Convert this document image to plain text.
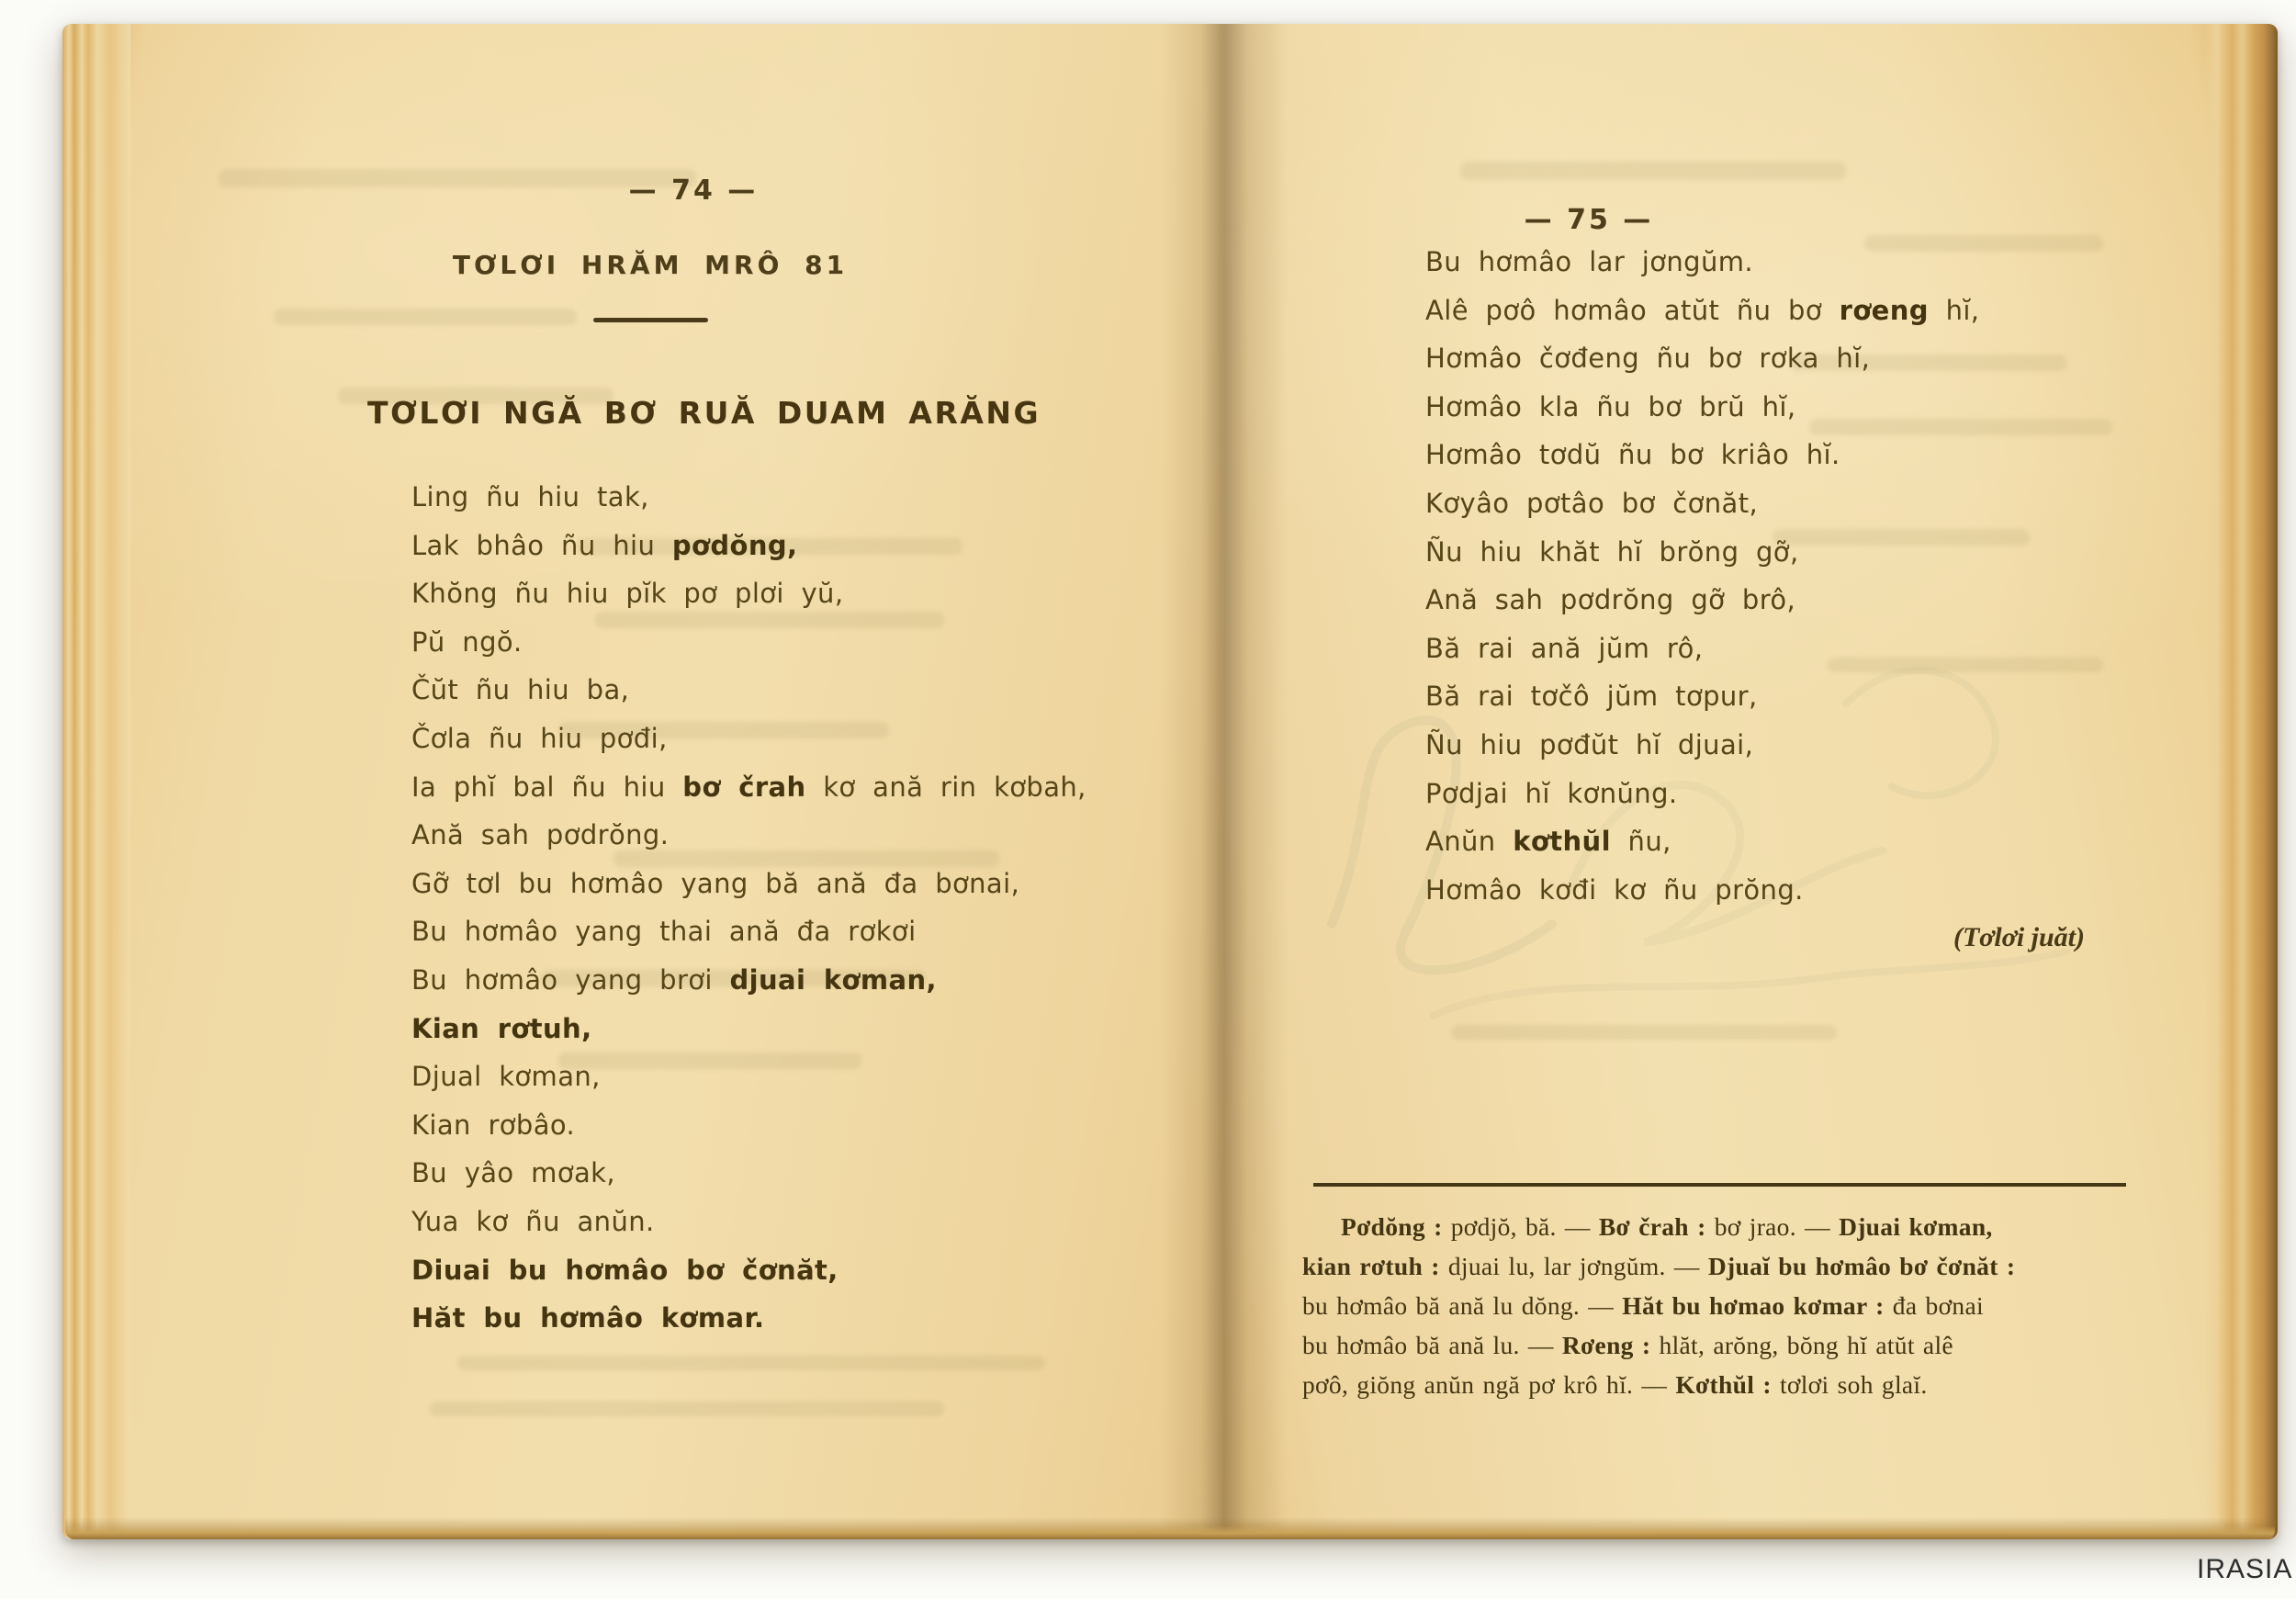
— 74 —
TƠLƠI HRĂM MRÔ 81
TƠLƠI NGĂ BƠ RUĂ DUAM ARĂNG
Ling ñu hiu tak,
Lak bhâo ñu hiu pơdŏng,
Khŏng ñu hiu pĭk pơ plơi yŭ,
Pŭ ngŏ.
Čŭt ñu hiu ba,
Čơla ñu hiu pơđi,
Ia phĭ bal ñu hiu bơ črah kơ ană rin kơbah,
Ană sah pơdrŏng.
Gỡ tơl bu hơmâo yang bă ană đa bơnai,
Bu hơmâo yang thai ană đa rơkơi
Bu hơmâo yang brơi djuai kơman,
Kian rơtuh,
Djual kơman,
Kian rơbâo.
Bu yâo mơak,
Yua kơ ñu anŭn.
Diuai bu hơmâo bơ čơnăt,
Hăt bu hơmâo kơmar.
— 75 —
Bu hơmâo lar jơngŭm.
Alê pơô hơmâo atŭt ñu bơ rơeng hĭ,
Hơmâo čơđeng ñu bơ rơka hĭ,
Hơmâo kla ñu bơ brŭ hĭ,
Hơmâo tơdŭ ñu bơ kriâo hĭ.
Kơyâo pơtâo bơ čơnăt,
Ñu hiu khăt hĭ brŏng gỡ,
Ană sah pơdrŏng gỡ brô,
Bă rai ană jŭm rô,
Bă rai tơčô jŭm tơpur,
Ñu hiu pơđŭt hĭ djuai,
Pơdjai hĭ kơnŭng.
Anŭn kơthŭl ñu,
Hơmâo kơđi kơ ñu prŏng.
(Tơlơi juăt)
Pơdŏng : pơdjŏ, bă. — Bơ črah : bơ jrao. — Djuai kơman,
kian rơtuh : djuai lu, lar jơngŭm. — Djuaĭ bu hơmâo bơ čơnăt :
bu hơmâo bă ană lu dŏng. — Hăt bu hơmao kơmar : đa bơnai
bu hơmâo bă ană lu. — Rơeng : hlăt, arŏng, bŏng hĭ atŭt alê
pơô, giŏng anŭn ngă pơ krô hĭ. — Kơthŭl : tơlơi soh glaĭ.
IRASIA
